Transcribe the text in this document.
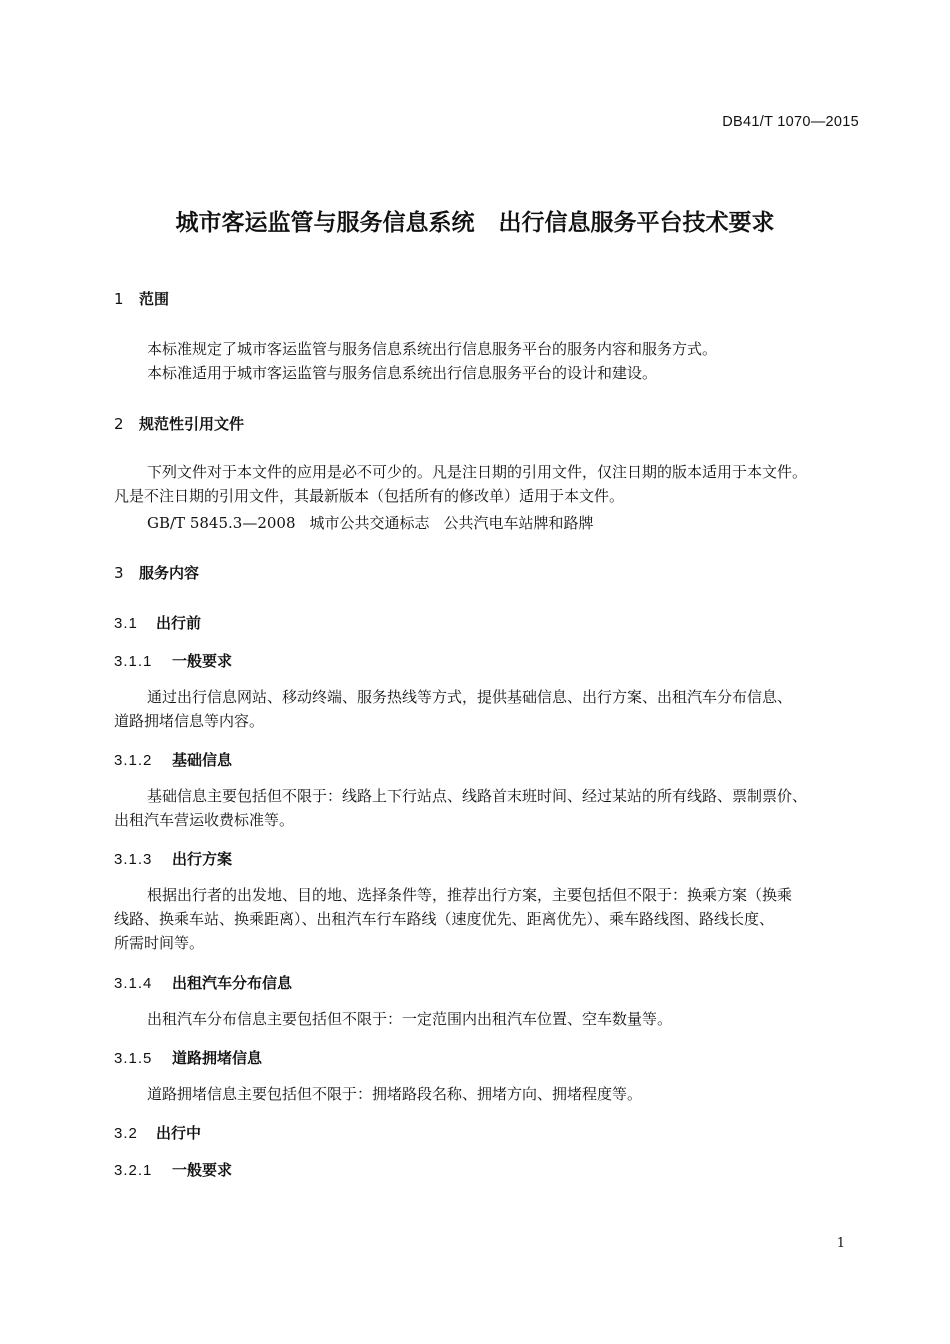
DB41/T 1070—2015
城市客运监管与服务信息系统 出行信息服务平台技术要求
1 范围
本标准规定了城市客运监管与服务信息系统出行信息服务平台的服务内容和服务方式。
本标准适用于城市客运监管与服务信息系统出行信息服务平台的设计和建设。
2 规范性引用文件
下列文件对于本文件的应用是必不可少的。凡是注日期的引用文件，仅注日期的版本适用于本文件。
凡是不注日期的引用文件，其最新版本（包括所有的修改单）适用于本文件。
GB/T 5845.3—2008 城市公共交通标志 公共汽电车站牌和路牌
3 服务内容
3.1 出行前
3.1.1 一般要求
通过出行信息网站、移动终端、服务热线等方式，提供基础信息、出行方案、出租汽车分布信息、
道路拥堵信息等内容。
3.1.2 基础信息
基础信息主要包括但不限于：线路上下行站点、线路首末班时间、经过某站的所有线路、票制票价、
出租汽车营运收费标准等。
3.1.3 出行方案
根据出行者的出发地、目的地、选择条件等，推荐出行方案，主要包括但不限于：换乘方案（换乘
线路、换乘车站、换乘距离）、出租汽车行车路线（速度优先、距离优先）、乘车路线图、路线长度、
所需时间等。
3.1.4 出租汽车分布信息
出租汽车分布信息主要包括但不限于：一定范围内出租汽车位置、空车数量等。
3.1.5 道路拥堵信息
道路拥堵信息主要包括但不限于：拥堵路段名称、拥堵方向、拥堵程度等。
3.2 出行中
3.2.1 一般要求
1
